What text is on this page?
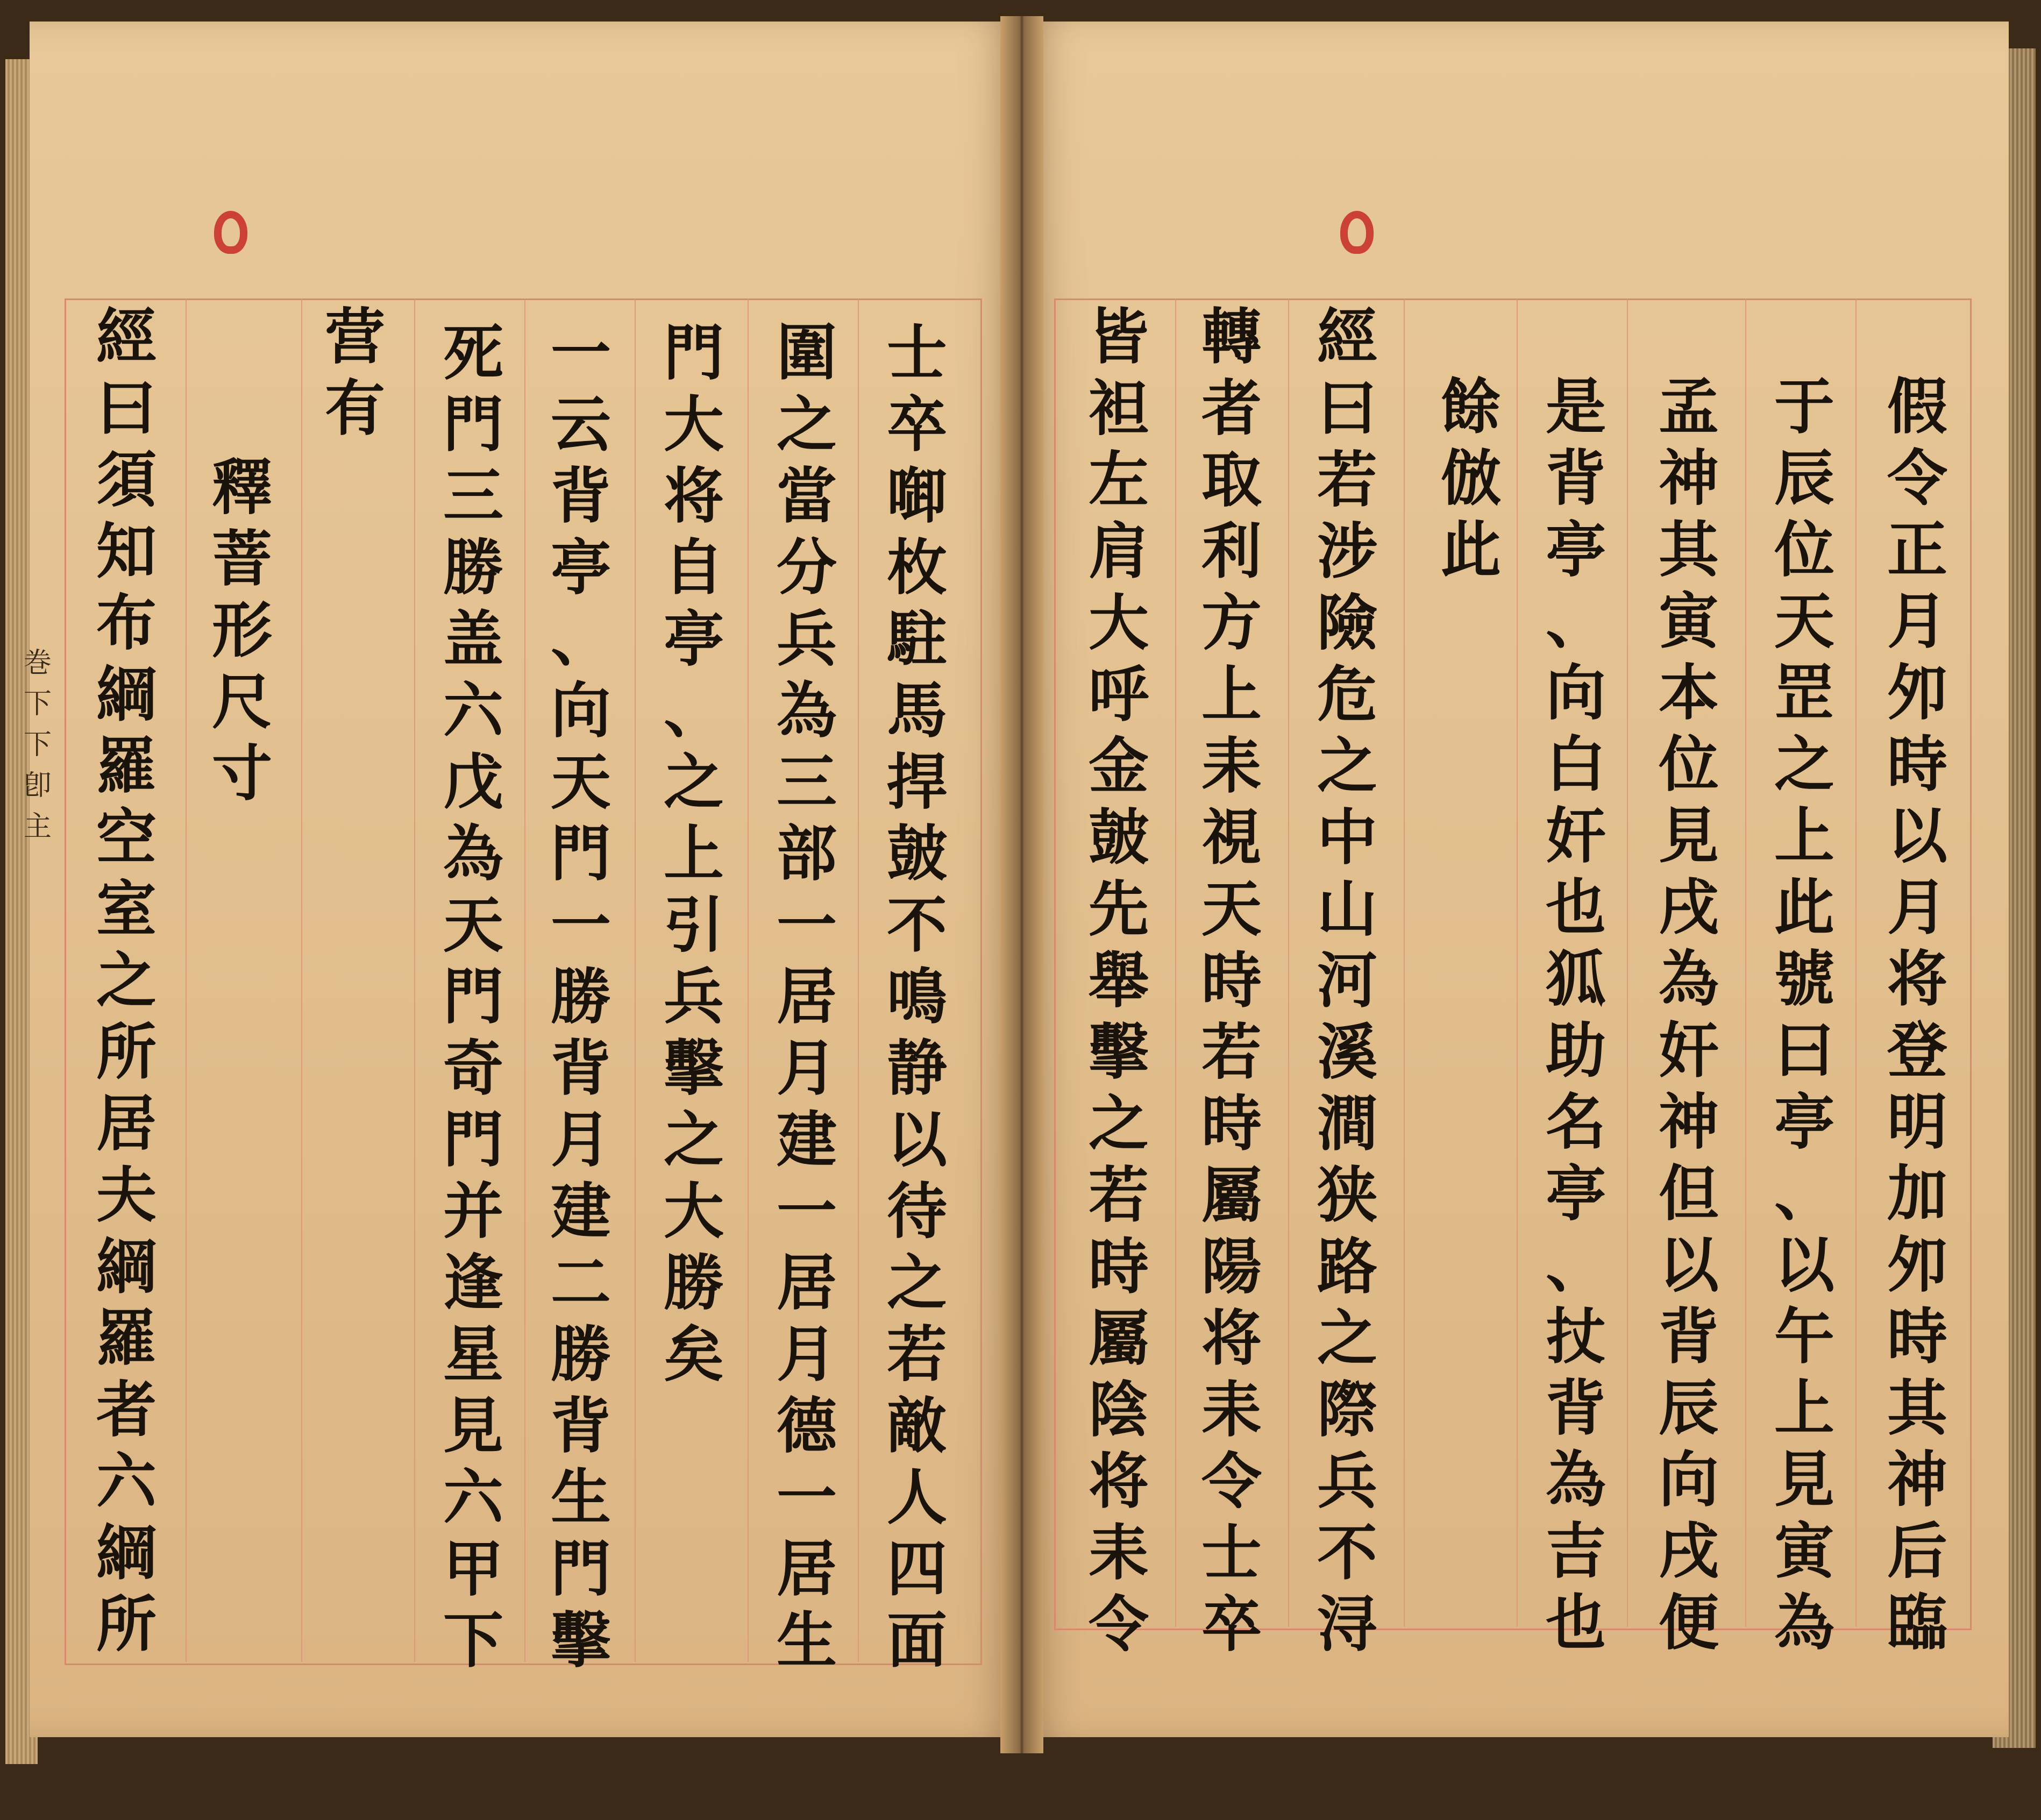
假
令
正
月
夘
時
以
月
将
登
明
加
夘
時
其
神
后
臨
于
辰
位
天
罡
之
上
此
號
曰
亭
、
以
午
上
見
寅
為
孟
神
其
寅
本
位
見
戌
為
奸
神
但
以
背
辰
向
戌
便
是
背
亭
、
向
白
奸
也
狐
助
名
亭
、
扙
背
為
吉
也
餘
倣
此
經
曰
若
涉
險
危
之
中
山
河
溪
澗
狭
路
之
際
兵
不
浔
轉
者
取
利
方
上
耒
視
天
時
若
時
屬
陽
将
耒
令
士
卒
皆
袒
左
肩
大
呼
金
皷
先
舉
擊
之
若
時
屬
陰
将
耒
令
士
卒
啣
枚
駐
馬
捍
皷
不
鳴
静
以
待
之
若
敵
人
四
面
圍
之
當
分
兵
為
三
部
一
居
月
建
一
居
月
德
一
居
生
門
大
将
自
亭
、
之
上
引
兵
擊
之
大
勝
矣
一
云
背
亭
、
向
天
門
一
勝
背
月
建
二
勝
背
生
門
擊
死
門
三
勝
盖
六
戊
為
天
門
奇
門
并
逢
星
見
六
甲
下
营
有
釋
萻
形
尺
寸
經
曰
須
知
布
綱
羅
空
室
之
所
居
夫
綱
羅
者
六
綱
所
巻
下
下
卽
主
